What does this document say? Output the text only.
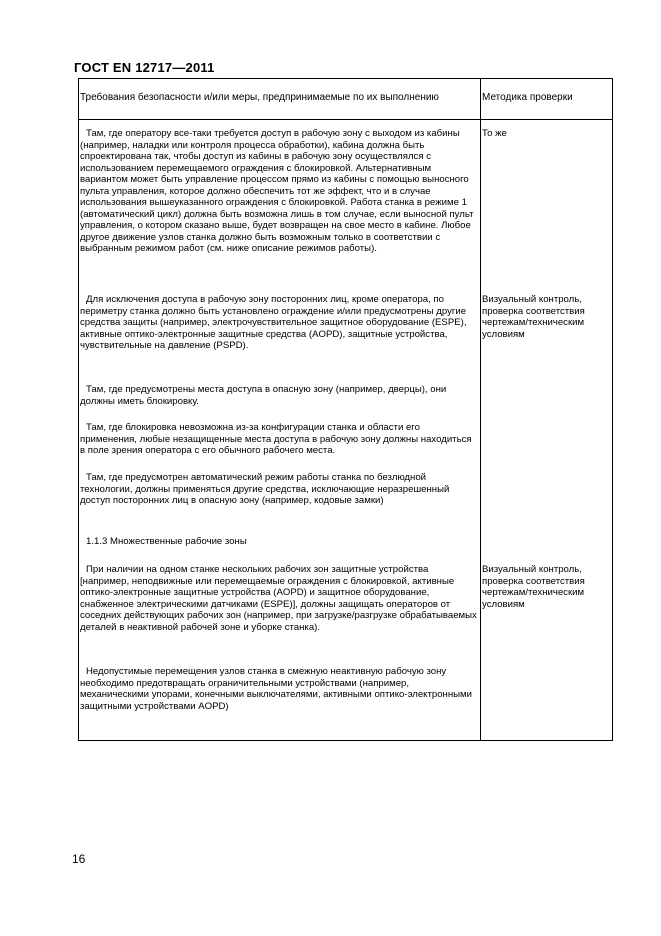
ГОСТ EN 12717—2011
Требования безопасности и/или меры, предпринимаемые по их выполнению	Методика проверки
Там, где оператору все-таки требуется доступ в рабочую зону с выходом из кабины (например, наладки или контроля процесса обработки), кабина должна быть спроектирована так, чтобы доступ из кабины в рабочую зону осуществлялся с использованием перемещаемого ограждения с блокировкой. Альтернативным вариантом может быть управление процессом прямо из кабины с помощью выносного пульта управления, которое должно обеспечить тот же эффект, что и в случае использования вышеуказанного ограждения с блокировкой. Работа станка в режиме 1 (автоматический цикл) должна быть возможна лишь в том случае, если выносной пульт управления, о котором сказано выше, будет возвращен на свое место в кабине. Любое другое движение узлов станка должно быть возможным только в соответствии с выбранным режимом работ (см. ниже описание режимов работы).
То же
Для исключения доступа в рабочую зону посторонних лиц, кроме оператора, по периметру станка должно быть установлено ограждение и/или предусмотрены другие средства защиты (например, электрочувствительное защитное оборудование (ESPE), активные оптико-электронные защитные средства (AOPD), защитные устройства, чувствительные на давление (PSPD).
Визуальный контроль, проверка соответствия чертежам/техническим условиям
Там, где предусмотрены места доступа в опасную зону (например, дверцы), они должны иметь блокировку.
Там, где блокировка невозможна из-за конфигурации станка и области его применения, любые незащищенные места доступа в рабочую зону должны находиться в поле зрения оператора с его обычного рабочего места.
Там, где предусмотрен автоматический режим работы станка по безлюдной технологии, должны применяться другие средства, исключающие неразрешенный доступ посторонних лиц в опасную зону (например, кодовые замки)
1.1.3 Множественные рабочие зоны
При наличии на одном станке нескольких рабочих зон защитные устройства [например, неподвижные или перемещаемые ограждения с блокировкой, активные оптико-электронные защитные устройства (AOPD) и защитное оборудование, снабженное электрическими датчиками (ESPE)], должны защищать операторов от соседних действующих рабочих зон (например, при загрузке/разгрузке обрабатываемых деталей в неактивной рабочей зоне и уборке станка).
Визуальный контроль, проверка соответствия чертежам/техническим условиям
Недопустимые перемещения узлов станка в смежную неактивную рабочую зону необходимо предотвращать ограничительными устройствами (например, механическими упорами, конечными выключателями, активными оптико-электронными защитными устройствами AOPD)
16
